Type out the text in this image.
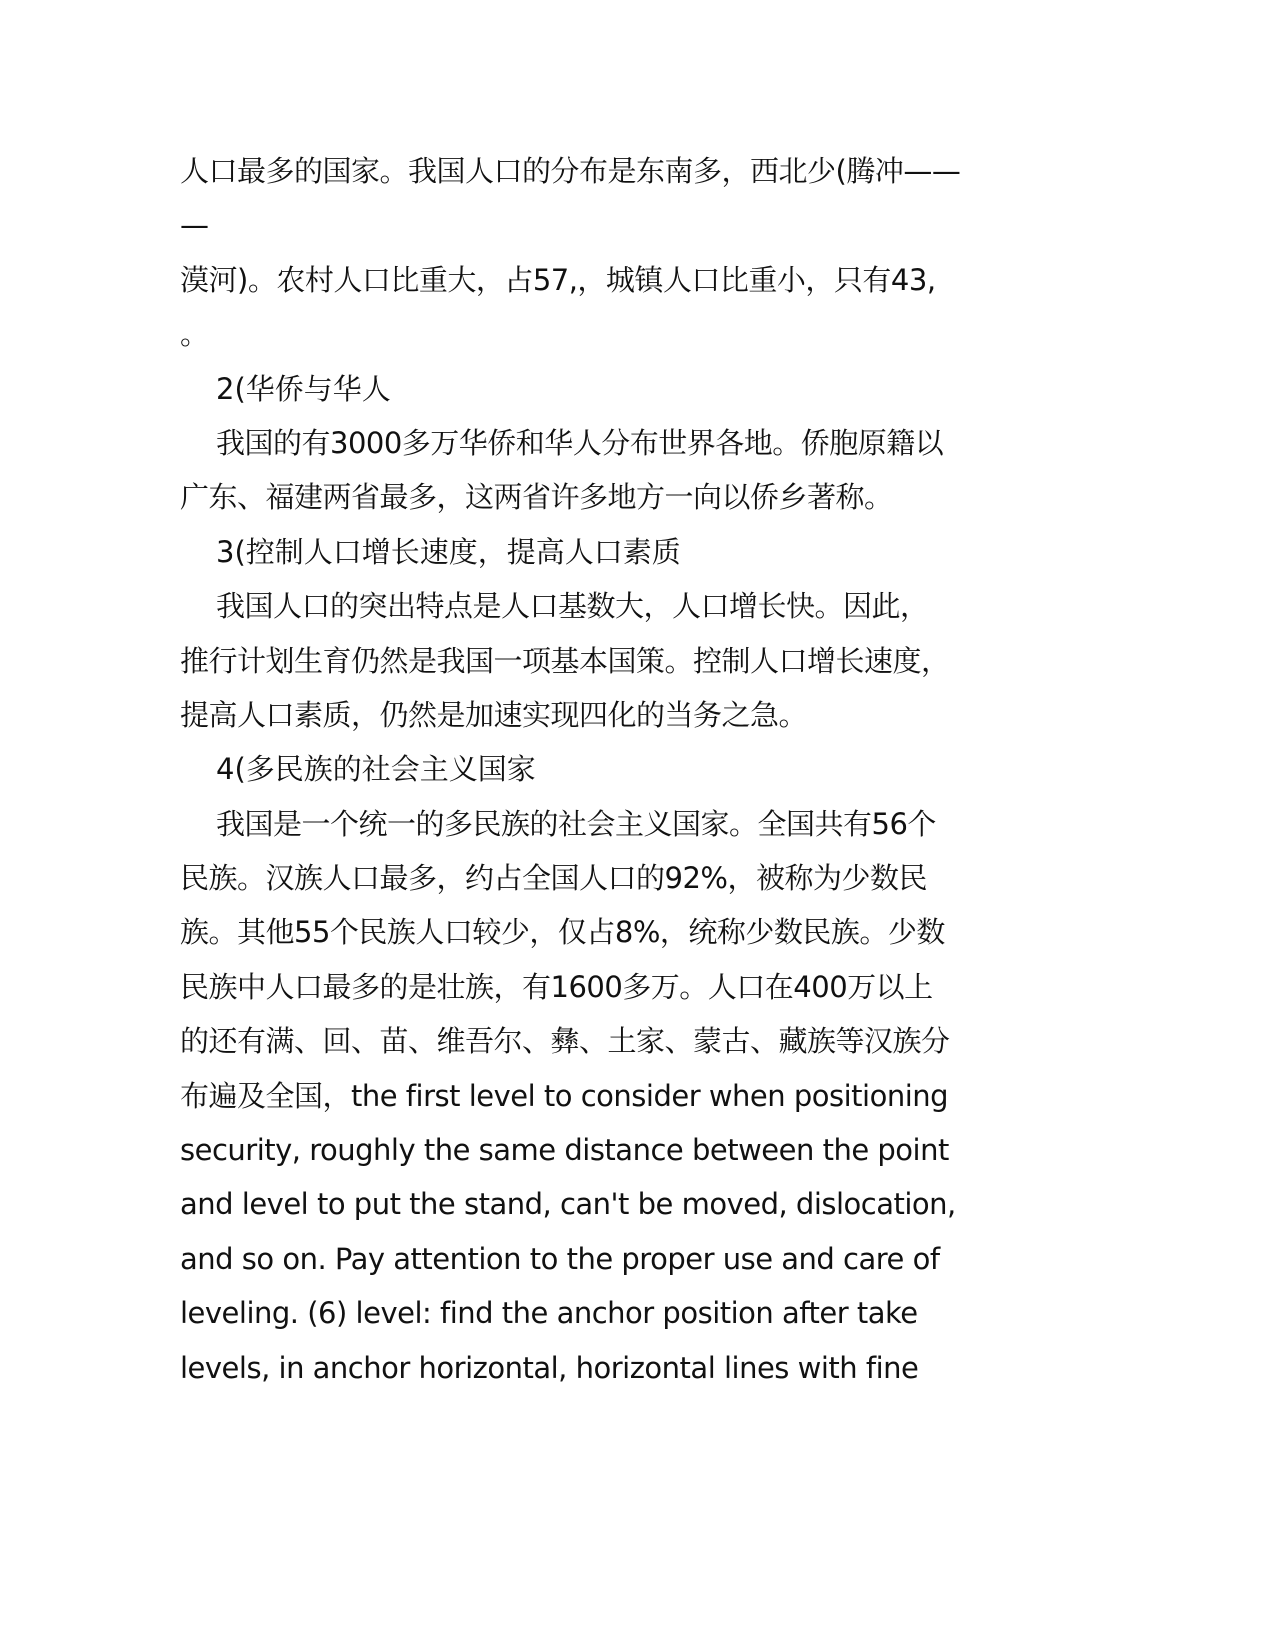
人口最多的国家。我国人口的分布是东南多，西北少(腾冲——
—
漠河)。农村人口比重大，占57,，城镇人口比重小，只有43,
。
2(华侨与华人
我国的有3000多万华侨和华人分布世界各地。侨胞原籍以
广东、福建两省最多，这两省许多地方一向以侨乡著称。
3(控制人口增长速度，提高人口素质
我国人口的突出特点是人口基数大，人口增长快。因此，
推行计划生育仍然是我国一项基本国策。控制人口增长速度，
提高人口素质，仍然是加速实现四化的当务之急。
4(多民族的社会主义国家
我国是一个统一的多民族的社会主义国家。全国共有56个
民族。汉族人口最多，约占全国人口的92%，被称为少数民
族。其他55个民族人口较少，仅占8%，统称少数民族。少数
民族中人口最多的是壮族，有1600多万。人口在400万以上
的还有满、回、苗、维吾尔、彝、土家、蒙古、藏族等汉族分
布遍及全国，the first level to consider when positioning
security, roughly the same distance between the point
and level to put the stand, can't be moved, dislocation,
and so on. Pay attention to the proper use and care of
leveling. (6) level: find the anchor position after take
levels, in anchor horizontal, horizontal lines with fine
